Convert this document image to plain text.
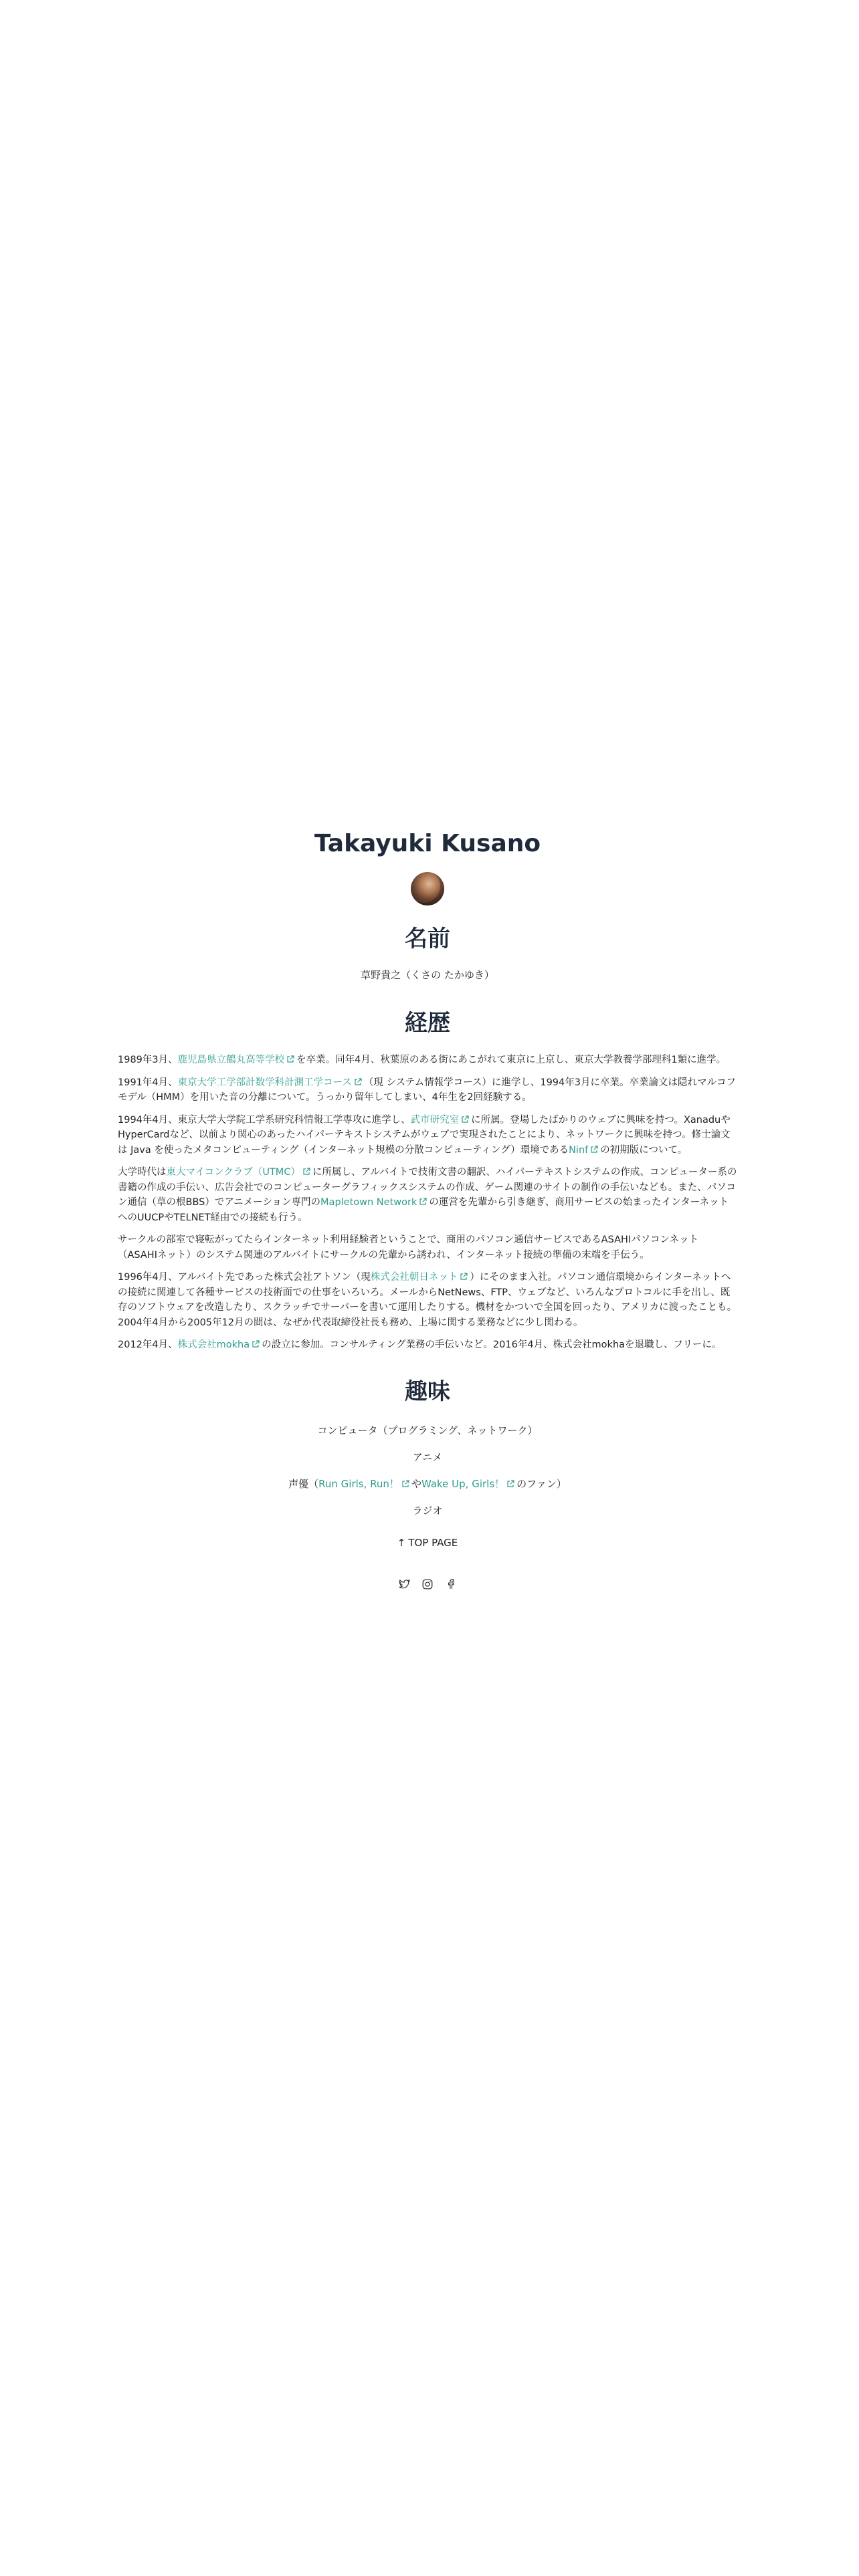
Takayuki Kusano
名前
草野貴之（くさの たかゆき）
経歴

1989年3月、鹿児島県立鶴丸高等学校 を卒業。同年4月、秋葉原のある街にあこがれて東京に上京し、東京大学教養学部理科1類に進学。

1991年4月、東京大学工学部計数学科計測工学コース （現 システム情報学コース）に進学し、1994年3月に卒業。卒業論文は隠れマルコフモデル（HMM）を用いた音の分離について。うっかり留年してしまい、4年生を2回経験する。

1994年4月、東京大学大学院工学系研究科情報工学専攻に進学し、武市研究室 に所属。登場したばかりのウェブに興味を持つ。XanaduやHyperCardなど、以前より関心のあったハイパーテキストシステムがウェブで実現されたことにより、ネットワークに興味を持つ。修士論文は Java を使ったメタコンピューティング（インターネット規模の分散コンピューティング）環境であるNinf の初期版について。

大学時代は東大マイコンクラブ（UTMC） に所属し、アルバイトで技術文書の翻訳、ハイパーテキストシステムの作成、コンピューター系の書籍の作成の手伝い、広告会社でのコンピューターグラフィックスシステムの作成、ゲーム関連のサイトの制作の手伝いなども。また、パソコン通信（草の根BBS）でアニメーション専門のMapletown Network の運営を先輩から引き継ぎ、商用サービスの始まったインターネットへのUUCPやTELNET経由での接続も行う。

サークルの部室で寝転がってたらインターネット利用経験者ということで、商用のパソコン通信サービスであるASAHIパソコンネット（ASAHIネット）のシステム関連のアルバイトにサークルの先輩から誘われ、インターネット接続の準備の末端を手伝う。

1996年4月、アルバイト先であった株式会社アトソン（現株式会社朝日ネット ）にそのまま入社。パソコン通信環境からインターネットへの接続に関連して各種サービスの技術面での仕事をいろいろ。メールからNetNews、FTP、ウェブなど、いろんなプロトコルに手を出し、既存のソフトウェアを改造したり、スクラッチでサーバーを書いて運用したりする。機材をかついで全国を回ったり、アメリカに渡ったことも。2004年4月から2005年12月の間は、なぜか代表取締役社長も務め、上場に関する業務などに少し関わる。

2012年4月、株式会社mokha の設立に参加。コンサルティング業務の手伝いなど。2016年4月、株式会社mokhaを退職し、フリーに。

趣味
コンピュータ（プログラミング、ネットワーク）
アニメ
声優（Run Girls, Run！ やWake Up, Girls！ のファン）
ラジオ
↑ TOP PAGE
